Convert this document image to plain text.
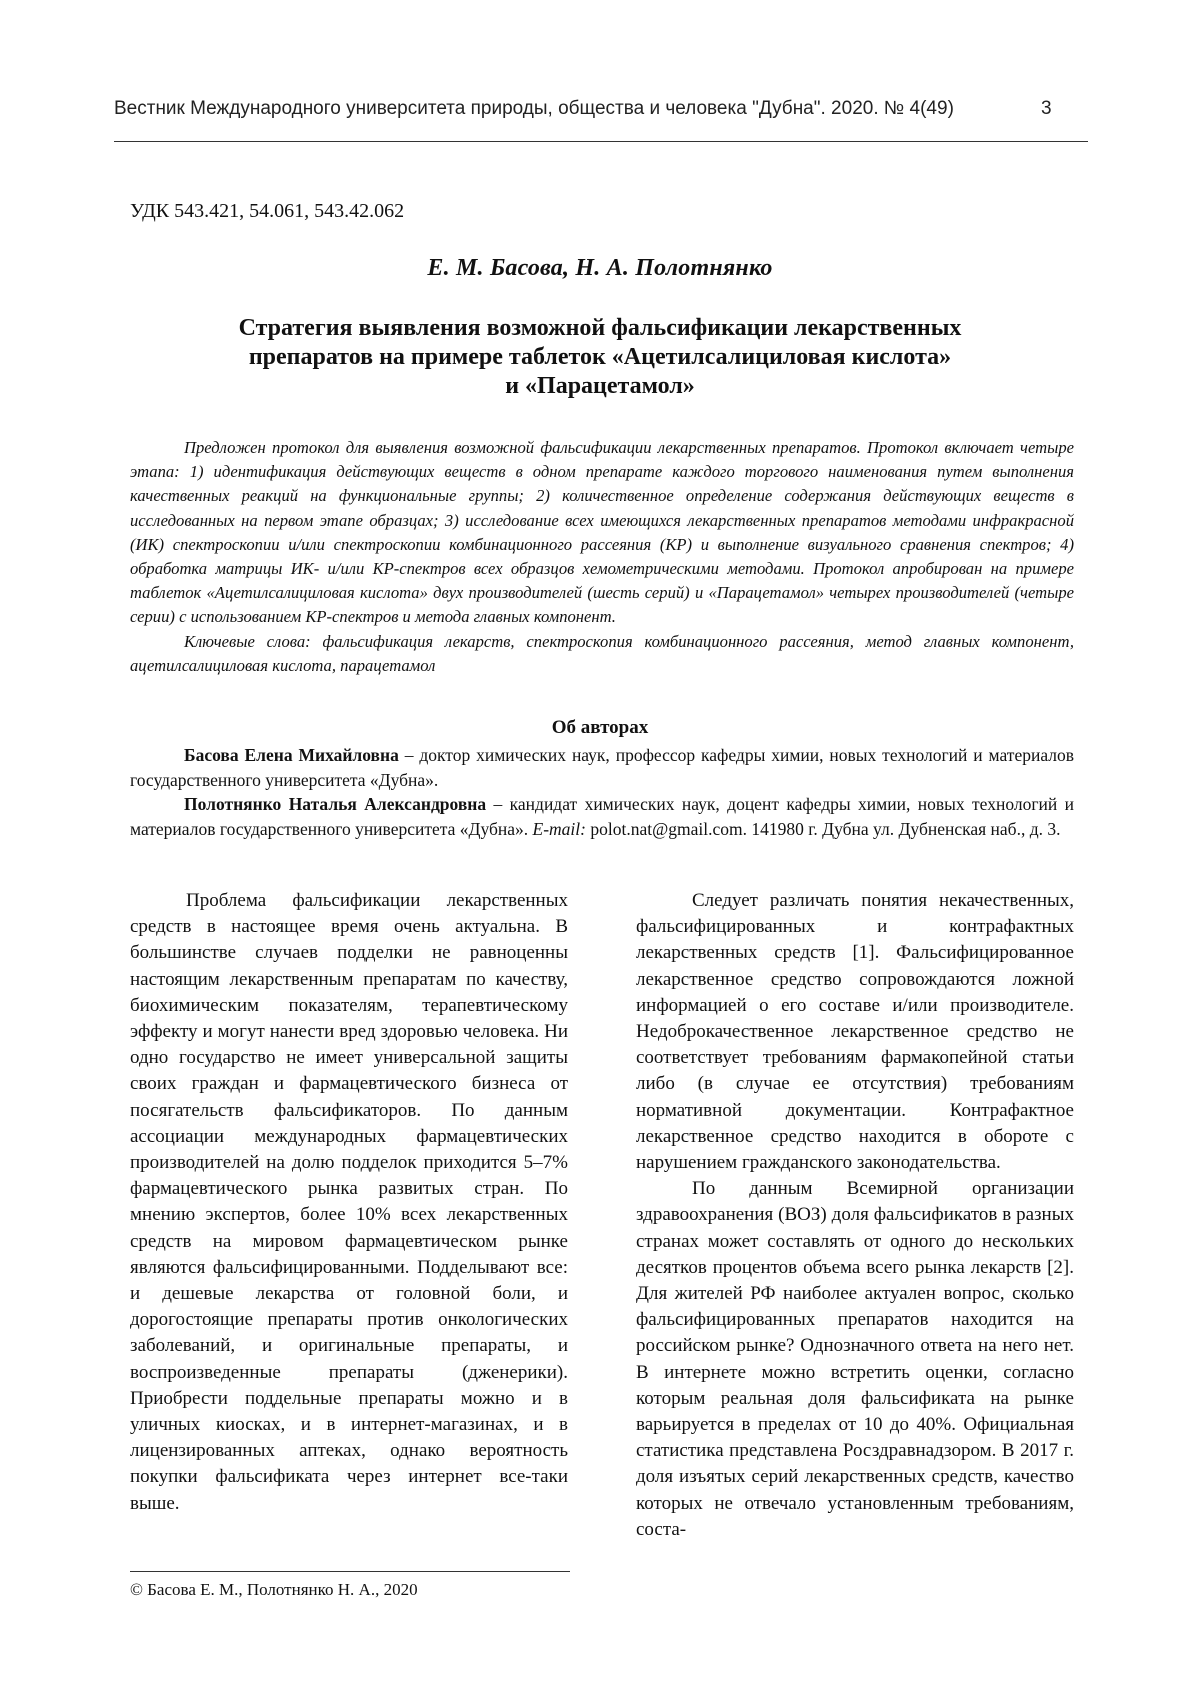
Вестник Международного университета природы, общества и человека "Дубна". 2020. № 4(49)	3
УДК 543.421, 54.061, 543.42.062
Е. М. Басова, Н. А. Полотнянко
Стратегия выявления возможной фальсификации лекарственных
препаратов на примере таблеток «Ацетилсалициловая кислота»
и «Парацетамол»

Предложен протокол для выявления возможной фальсификации лекарственных препаратов. Протокол включает четыре этапа: 1) идентификация действующих веществ в одном препарате каждого торгового наименования путем выполнения качественных реакций на функциональные группы; 2) количественное определение содержания действующих веществ в исследованных на первом этапе образцах; 3) исследование всех имеющихся лекарственных препаратов методами инфракрасной (ИК) спектроскопии и/или спектроскопии комбинационного рассеяния (КР) и выполнение визуального сравнения спектров; 4) обработка матрицы ИК- и/или КР-спектров всех образцов хемометрическими методами. Протокол апробирован на примере таблеток «Ацетилсалициловая кислота» двух производителей (шесть серий) и «Парацетамол» четырех производителей (четыре серии) с использованием КР-спектров и метода главных компонент.

Ключевые слова: фальсификация лекарств, спектроскопия комбинационного рассеяния, метод главных компонент, ацетилсалициловая кислота, парацетамол

Об авторах

Басова Елена Михайловна – доктор химических наук, профессор кафедры химии, новых технологий и материалов государственного университета «Дубна».

Полотнянко Наталья Александровна – кандидат химических наук, доцент кафедры химии, новых технологий и материалов государственного университета «Дубна». E-mail: polot.nat@gmail.com. 141980 г. Дубна ул. Дубненская наб., д. 3.

Проблема фальсификации лекарственных средств в настоящее время очень актуальна. В большинстве случаев подделки не равноценны настоящим лекарственным препаратам по качеству, биохимическим показателям, терапевтическому эффекту и могут нанести вред здоровью человека. Ни одно государство не имеет универсальной защиты своих граждан и фармацевтического бизнеса от посягательств фальсификаторов. По данным ассоциации международных фармацевтических производителей на долю подделок приходится 5–7% фармацевтического рынка развитых стран. По мнению экспертов, более 10% всех лекарственных средств на мировом фармацевтическом рынке являются фальсифицированными. Подделывают все: и дешевые лекарства от головной боли, и дорогостоящие препараты против онкологических заболеваний, и оригинальные препараты, и воспроизведенные препараты (дженерики). Приобрести поддельные препараты можно и в уличных киосках, и в интернет-магазинах, и в лицензированных аптеках, однако вероятность покупки фальсификата через интернет все-таки выше.

Следует различать понятия некачественных, фальсифицированных и контрафактных лекарственных средств [1]. Фальсифицированное лекарственное средство сопровождаются ложной информацией о его составе и/или производителе. Недоброкачественное лекарственное средство не соответствует требованиям фармакопейной статьи либо (в случае ее отсутствия) требованиям нормативной документации. Контрафактное лекарственное средство находится в обороте с нарушением гражданского законодательства.

По данным Всемирной организации здравоохранения (ВОЗ) доля фальсификатов в разных странах может составлять от одного до нескольких десятков процентов объема всего рынка лекарств [2]. Для жителей РФ наиболее актуален вопрос, сколько фальсифицированных препаратов находится на российском рынке? Однозначного ответа на него нет. В интернете можно встретить оценки, согласно которым реальная доля фальсификата на рынке варьируется в пределах от 10 до 40%. Официальная статистика представлена Росздравнадзором. В 2017 г. доля изъятых серий лекарственных средств, качество которых не отвечало установленным требованиям, соста-

© Басова Е. М., Полотнянко Н. А., 2020
